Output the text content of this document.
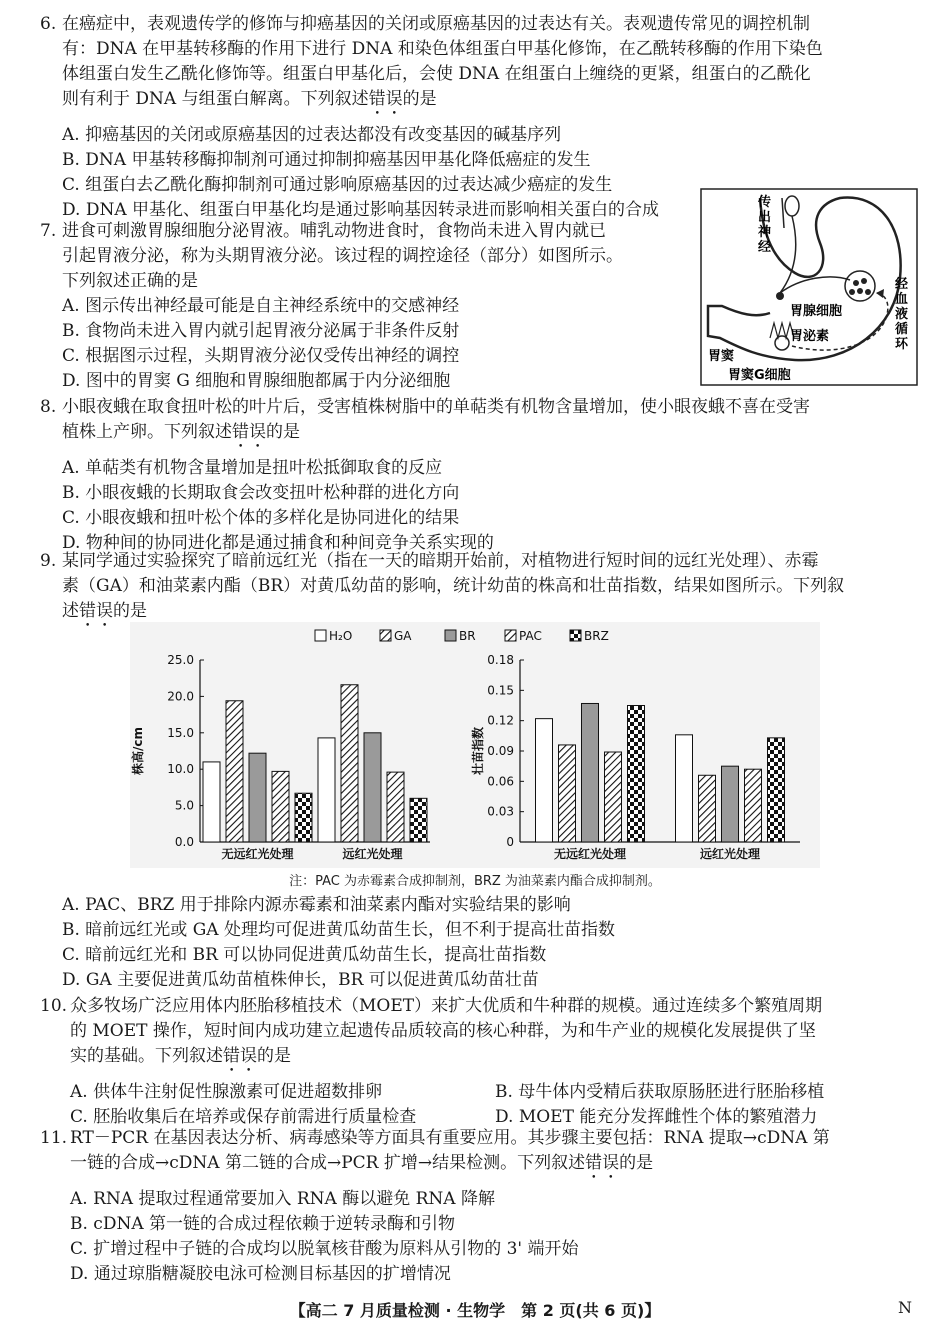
6. 在癌症中，表观遗传学的修饰与抑癌基因的关闭或原癌基因的过表达有关。表观遗传常见的调控机制

有：DNA 在甲基转移酶的作用下进行 DNA 和染色体组蛋白甲基化修饰，在乙酰转移酶的作用下染色

体组蛋白发生乙酰化修饰等。组蛋白甲基化后，会使 DNA 在组蛋白上缠绕的更紧，组蛋白的乙酰化

则有利于 DNA 与组蛋白解离。下列叙述错误的是

A. 抑癌基因的关闭或原癌基因的过表达都没有改变基因的碱基序列

B. DNA 甲基转移酶抑制剂可通过抑制抑癌基因甲基化降低癌症的发生

C. 组蛋白去乙酰化酶抑制剂可通过影响原癌基因的过表达减少癌症的发生

D. DNA 甲基化、组蛋白甲基化均是通过影响基因转录进而影响相关蛋白的合成

7. 进食可刺激胃腺细胞分泌胃液。哺乳动物进食时，食物尚未进入胃内就已

引起胃液分泌，称为头期胃液分泌。该过程的调控途径（部分）如图所示。

下列叙述正确的是

A. 图示传出神经最可能是自主神经系统中的交感神经

B. 食物尚未进入胃内就引起胃液分泌属于非条件反射

C. 根据图示过程，头期胃液分泌仅受传出神经的调控

D. 图中的胃窦 G 细胞和胃腺细胞都属于内分泌细胞

传出神经
胃腺细胞
胃泌素
胃窦
胃窦G细胞
经血液循环

8. 小眼夜蛾在取食扭叶松的叶片后，受害植株树脂中的单萜类有机物含量增加，使小眼夜蛾不喜在受害

植株上产卵。下列叙述错误的是

A. 单萜类有机物含量增加是扭叶松抵御取食的反应

B. 小眼夜蛾的长期取食会改变扭叶松种群的进化方向

C. 小眼夜蛾和扭叶松个体的多样化是协同进化的结果

D. 物种间的协同进化都是通过捕食和种间竞争关系实现的

9. 某同学通过实验探究了暗前远红光（指在一天的暗期开始前，对植物进行短时间的远红光处理）、赤霉

素（GA）和油菜素内酯（BR）对黄瓜幼苗的影响，统计幼苗的株高和壮苗指数，结果如图所示。下列叙

述错误的是

H₂O	GA	BR	PAC	BRZ
0.0
5.0
10.0
15.0
20.0
25.0
株高/cm
无远红光处理	远红光处理
0
0.03
0.06
0.09
0.12
0.15
0.18
壮苗指数
无远红光处理	远红光处理
注：PAC 为赤霉素合成抑制剂，BRZ 为油菜素内酯合成抑制剂。

A. PAC、BRZ 用于排除内源赤霉素和油菜素内酯对实验结果的影响

B. 暗前远红光或 GA 处理均可促进黄瓜幼苗生长，但不利于提高壮苗指数

C. 暗前远红光和 BR 可以协同促进黄瓜幼苗生长，提高壮苗指数

D. GA 主要促进黄瓜幼苗植株伸长，BR 可以促进黄瓜幼苗壮苗

10. 众多牧场广泛应用体内胚胎移植技术（MOET）来扩大优质和牛种群的规模。通过连续多个繁殖周期

的 MOET 操作，短时间内成功建立起遗传品质较高的核心种群，为和牛产业的规模化发展提供了坚

实的基础。下列叙述错误的是

A. 供体牛注射促性腺激素可促进超数排卵	B. 母牛体内受精后获取原肠胚进行胚胎移植
C. 胚胎收集后在培养或保存前需进行质量检查	D. MOET 能充分发挥雌性个体的繁殖潜力

11. RT－PCR 在基因表达分析、病毒感染等方面具有重要应用。其步骤主要包括：RNA 提取→cDNA 第

一链的合成→cDNA 第二链的合成→PCR 扩增→结果检测。下列叙述错误的是

A. RNA 提取过程通常要加入 RNA 酶以避免 RNA 降解

B. cDNA 第一链的合成过程依赖于逆转录酶和引物

C. 扩增过程中子链的合成均以脱氧核苷酸为原料从引物的 3' 端开始

D. 通过琼脂糖凝胶电泳可检测目标基因的扩增情况

【高二 7 月质量检测 · 生物学　第 2 页(共 6 页)】	N
